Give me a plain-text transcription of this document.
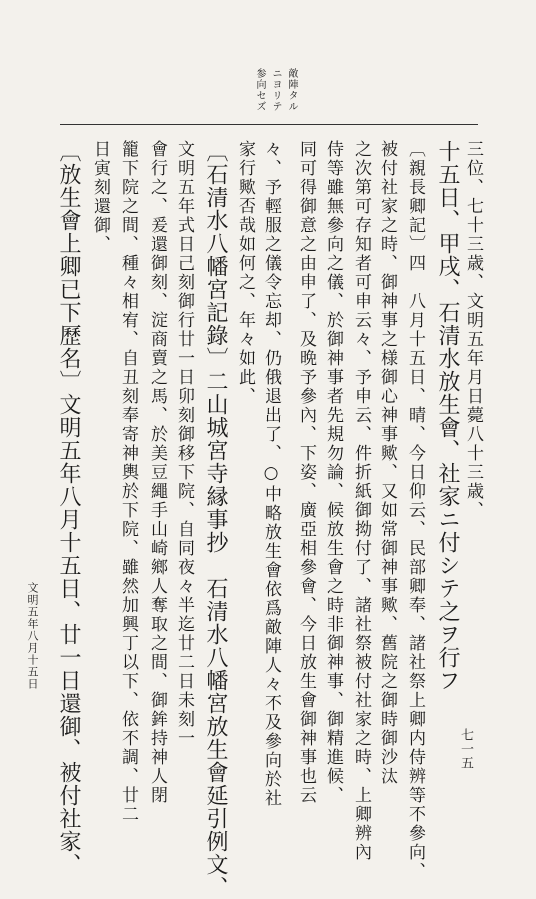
敵陣タル
ニヨリテ
参向セズ
三位、七十三歳、文明五年月日薨八十三歳、
十五日、甲戌、石清水放生會、社家ニ付シテ之ヲ行フ
〔親長卿記〕四　八月十五日、晴、今日仰云、民部卿奉、諸社祭上卿内侍辨等不參向、
被付社家之時、御神事之様御心神事歟、又如常御神事歟、舊院之御時御沙汰
之次第可存知者可申云々、予申云、件折紙御拗付了、諸社祭被付社家之時、上卿辨內
侍等雖無參向之儀、於御神事者先規勿論、候放生會之時非御神事、御精進候、
同可得御意之由申了、及晩予參內、下姿、廣亞相參會、今日放生會御神事也云
々、予輕服之儀令忘却、仍俄退出了、○中略放生會依爲敵陣人々不及參向於社
家行歟否哉如何之、年々如此、
〔石清水八幡宮記錄〕二山城宮寺縁事抄　石清水八幡宮放生會延引例文、
文明五年式日己刻御行廿一日卯刻御移下院、自同夜々半迄廿二日未刻一
會行之、爰還御刻、淀商賣之馬、於美豆繩手山崎鄉人奪取之間、御鉾持神人閉
籠下院之間、種々相宥、自丑刻奉寄神輿於下院、雖然加興丁以下、依不調、廿二
日寅刻還御、
〔放生會上卿已下歷名〕文明五年八月十五日、廿一日還御、被付社家、
文明五年八月十五日
七一五
